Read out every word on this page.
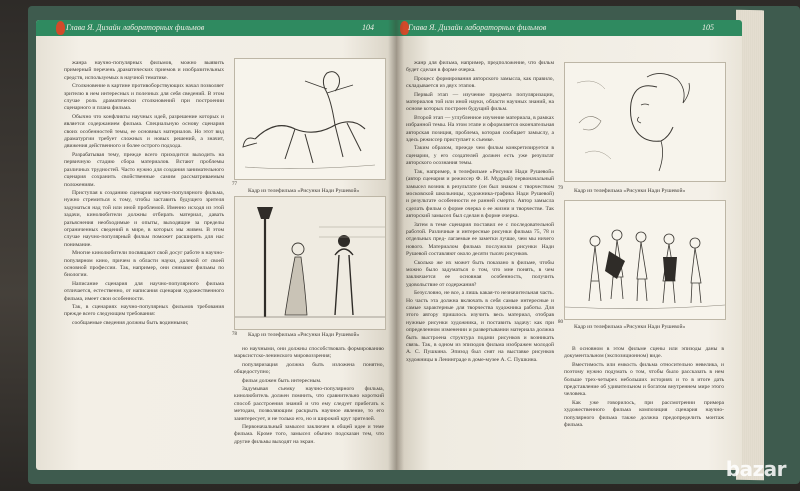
Глава Я. Дизайн лабораторных фильмов	104

жанра научно-популярных фильмов, можно выявить примерный перечень драматических приемов и изобразительных средств, используемых в научной тематике.

Столкновение в картине противоборствующих начал позволяет зрителю в нем интересных и полезных для себя сведений. В этом случае роль драматически столкновений при построении сценарного и плана фильма.

Обычно что конфликты научных идей, разрешение которых и является содержанием фильма. Специальную основу сценария своих особенностей темы, ее основных материалов. Но этот вид драматургии требует сложных и новых решений, а значит, движения действенного и более острого подхода.

Разрабатывая тему, прежде всего приходится выходить на первичную стадию сбора материалов. Встают проблемы различных трудностей. Часто нужно для создания занимательного сценария сохранить свойственные самим рассматриваемым положениям.

Приступая к созданию сценария научно-популярного фильма, нужно стремиться к тому, чтобы заставить будущего зрителя задуматься над той или иной проблемой. Именно исходя из этой задачи, кинолюбители должны отбирать материал, давать разъяснения необходимые и опыты, выходящие за пределы ограниченных сведений в мире, в которых мы живем. В этом случае научно-популярный фильм поможет расширить для нас понимание.

Многие кинолюбители посвящают свой досуг работе в научно-популярном кино, причем в области науки, далекой от своей основной профессии. Так, например, они снимают фильмы по биологии.

Написание сценария для научно-популярного фильма отличается, естественно, от написания сценария художественного фильма, имеет свои особенности.

Так, в сценариях научно-популярных фильмов требования прежде всего следующим требования:

сообщаемые сведения должны быть водинными;

77
Кадр из телефильма «Рисунки Нади Рушевой»
78 Кадр из телефильма «Рисунки Нади Рушевой»

но научными, они должны способствовать формированию марксистско-ленинского мировоззрения;

популяризация должна быть изложена понятно, общедоступно;

фильм должен быть интересным.

Задумывая съемку научно-популярного фильма, кинолюбитель должен помнить, что сравнительно короткий способ расстроения знаний и что ему следует прибегать к методам, позволяющим раскрыть научное явление, то его заинтересует, и не только его, но и широкий круг зрителей.

Первоначальный замысел заключен в общей идее и теме фильма. Кроме того, замысел обычно подсказан тем, что другие фильмы выходят на экран.

Глава Я. Дизайн лабораторных фильмов	105

жанр для фильма, например, предположение, что фильм будет сделан в форме очерка.

Процесс формирования авторского замысла, как правило, складывается из двух этапов.

Первый этап — изучение предмета популяризации, материалов той или иной науки, области научных знаний, на основе которых построен будущий фильм.

Второй этап — углубленное изучение материала, в рамках избранной темы. На этом этапе и оформляется окончательная авторская позиция, проблема, которая сообщает замыслу, а здесь режиссер приступает к съемке.

Таким образом, прежде чем фильм конкретизируется в сценарии, у его создателей должен есть уже результат авторского осознания темы.

Так, например, в телефильме «Рисунки Нади Рушевой» (автор сценария и режиссер Ф. И. Мудрый) первоначальный замысел возник в результате (он был знаком с творчеством московской школьницы, художника-графика Нади Рушевой) и результате особенности ее ранней смерти. Автор замысла сделать фильм о форме очерка о ее жизни и творчестве. Так авторский замысел был сделан в форме очерка.

Затем в теме сценария поставил ее с последовательной работой. Различные и интересные рисунки фильма 75, 78 и отдельных пред- лагаемые ее заметки лучше, чем мы ничего нового. Материалом фильма послужили рисунки Нади Рушевой составляют около десяти тысяч рисунков.

Сколько же их может быть показано в фильме, чтобы можно было задуматься о том, что мне понять, в чем заключается ее основная особенность, получить удовольствие от содержания?

Безусловно, не все, а лишь какая-то незначительная часть. Но часть эта должна включать в себя самые интересные и самые характерные для творчества художника работы. Для этого автору пришлось изучить весь материал, отобрав нужные рисунки художника, и поставить задачу: как при определенном изменении и развертывании материала должна быть выстроена структура подачи рисунков и возникать связь. Так, в одном из эпизодов фильма изображен молодой А. С. Пушкина. Эпизод был снят на выставке рисунков художницы в Ленинграде в доме-музее А. С. Пушкина.

79 Кадр из телефильма «Рисунки Нади Рушевой»
80
Кадр из телефильма «Рисунки Нади Рушевой»

В основном в этом фильме сцены или эпизоды даны в документальном (экспозиционном) виде.

Вместимость или емкость фильма относительно невелика, и поэтому нужно подумать о том, чтобы было рассказать в нем больше трех-четырех небольших историях и то в итоге дать представление об удивительном и богатом внутреннем мире этого человека.

Как уже говорилось, при рассмотрении примера художественного фильма композиция сценария научно-популярного фильма также должна предопределить монтаж фильма.

bazar
